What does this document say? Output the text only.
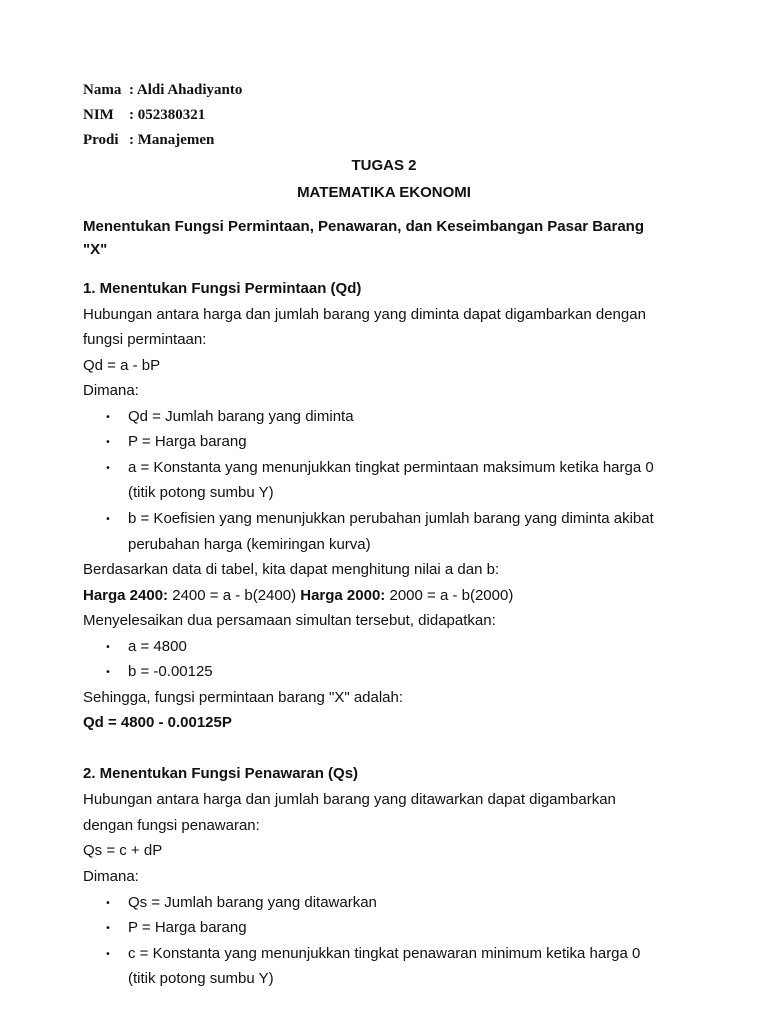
Nama : Aldi Ahadiyanto
NIM : 052380321
Prodi : Manajemen
TUGAS 2
MATEMATIKA EKONOMI
Menentukan Fungsi Permintaan, Penawaran, dan Keseimbangan Pasar Barang
"X"
1. Menentukan Fungsi Permintaan (Qd)
Hubungan antara harga dan jumlah barang yang diminta dapat digambarkan dengan
fungsi permintaan:
Qd = a - bP
Dimana:
• Qd = Jumlah barang yang diminta
• P = Harga barang
• a = Konstanta yang menunjukkan tingkat permintaan maksimum ketika harga 0
(titik potong sumbu Y)
• b = Koefisien yang menunjukkan perubahan jumlah barang yang diminta akibat
perubahan harga (kemiringan kurva)
Berdasarkan data di tabel, kita dapat menghitung nilai a dan b:
Harga 2400: 2400 = a - b(2400) Harga 2000: 2000 = a - b(2000)
Menyelesaikan dua persamaan simultan tersebut, didapatkan:
• a = 4800
• b = -0.00125
Sehingga, fungsi permintaan barang "X" adalah:
Qd = 4800 - 0.00125P
2. Menentukan Fungsi Penawaran (Qs)
Hubungan antara harga dan jumlah barang yang ditawarkan dapat digambarkan
dengan fungsi penawaran:
Qs = c + dP
Dimana:
• Qs = Jumlah barang yang ditawarkan
• P = Harga barang
• c = Konstanta yang menunjukkan tingkat penawaran minimum ketika harga 0
(titik potong sumbu Y)
